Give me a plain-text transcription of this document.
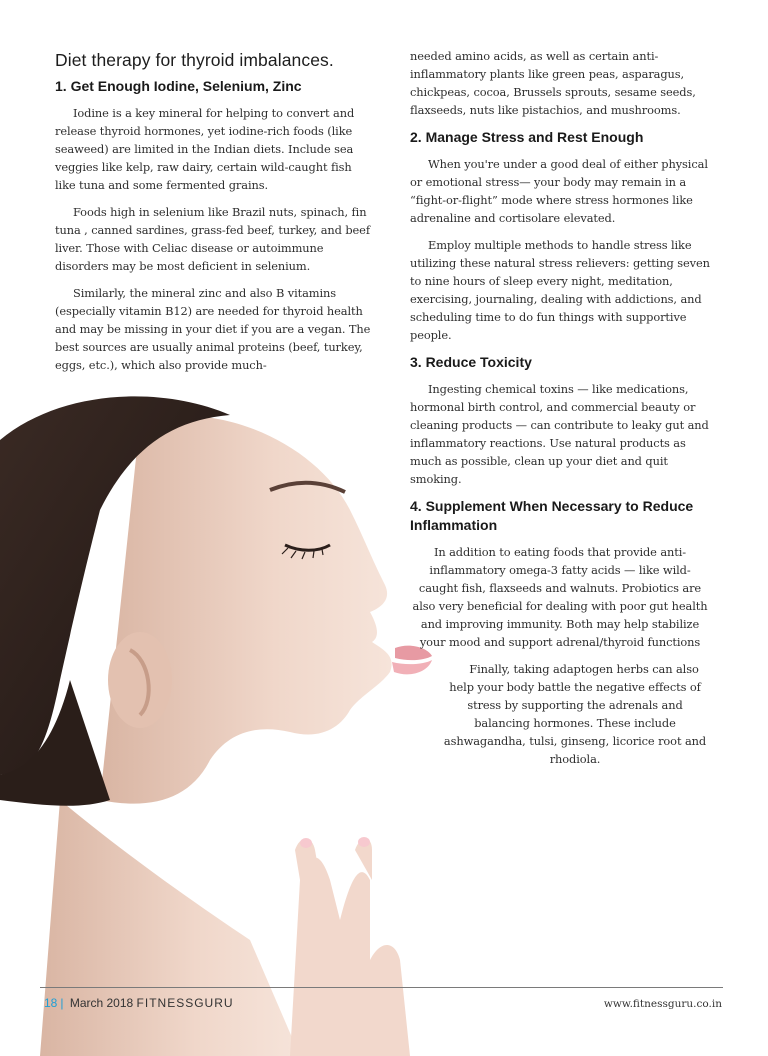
Diet therapy for thyroid imbalances.
1. Get Enough Iodine, Selenium, Zinc

Iodine is a key mineral for helping to convert and release thyroid hormones, yet iodine-rich foods (like seaweed) are limited in the Indian diets. Include sea veggies like kelp, raw dairy, certain wild-caught fish like tuna and some fermented grains.

Foods high in selenium like Brazil nuts, spinach, fin tuna , canned sardines, grass-fed beef, turkey, and beef liver. Those with Celiac disease or autoimmune disorders may be most deficient in selenium.

Similarly, the mineral zinc and also B vitamins (especially vitamin B12) are needed for thyroid health and may be missing in your diet if you are a vegan. The best sources are usually animal proteins (beef, turkey, eggs, etc.), which also provide much-

needed amino acids, as well as certain anti-inflammatory plants like green peas, asparagus, chickpeas, cocoa, Brussels sprouts, sesame seeds, flaxseeds, nuts like pistachios, and mushrooms.

2. Manage Stress and Rest Enough

When you're under a good deal of either physical or emotional stress— your body may remain in a “fight-or-flight” mode where stress hormones like adrenaline and cortisolare elevated.

Employ multiple methods to handle stress like utilizing these natural stress relievers: getting seven to nine hours of sleep every night, meditation, exercising, journaling, dealing with addictions, and scheduling time to do fun things with supportive people.

3. Reduce Toxicity

Ingesting chemical toxins — like medications, hormonal birth control, and commercial beauty or cleaning products — can contribute to leaky gut and inflammatory reactions. Use natural products as much as possible, clean up your diet and quit smoking.

4. Supplement When Necessary to Reduce Inflammation

In addition to eating foods that provide anti-inflammatory omega-3 fatty acids — like wild-caught fish, flaxseeds and walnuts. Probiotics are also very beneficial for dealing with poor gut health and improving immunity. Both may help stabilize your mood and support adrenal/thyroid functions

Finally, taking adaptogen herbs can also help your body battle the negative effects of stress by supporting the adrenals and balancing hormones. These include ashwagandha, tulsi, ginseng, licorice root and rhodiola.

18 | March 2018 FITNESSGURU	www.fitnessguru.co.in
